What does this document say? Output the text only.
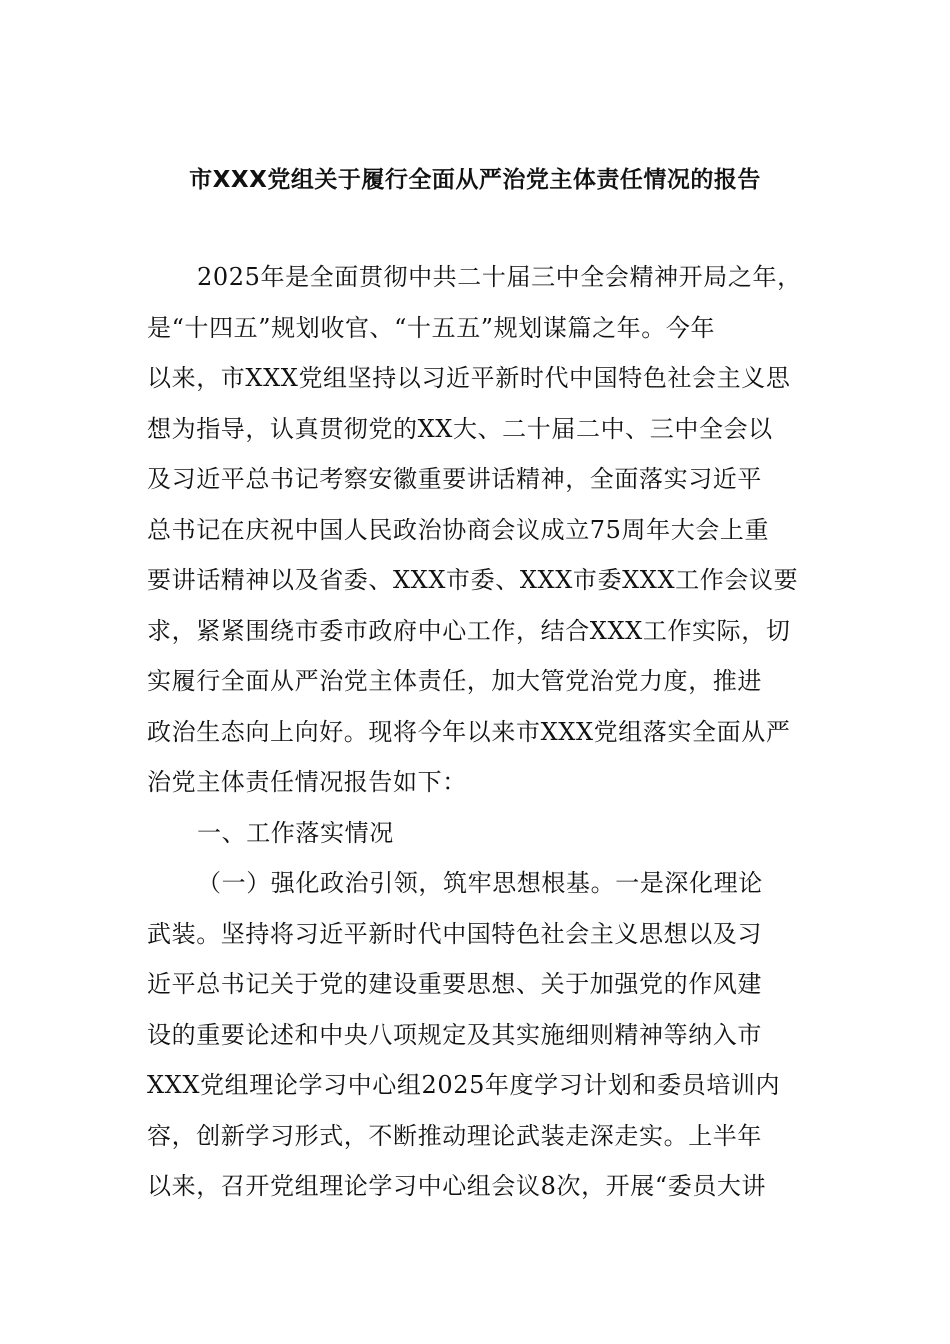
市XXX党组关于履行全面从严治党主体责任情况的报告
2025年是全面贯彻中共二十届三中全会精神开局之年，
是“十四五”规划收官、“十五五”规划谋篇之年。今年
以来，市XXX党组坚持以习近平新时代中国特色社会主义思
想为指导，认真贯彻党的XX大、二十届二中、三中全会以
及习近平总书记考察安徽重要讲话精神，全面落实习近平
总书记在庆祝中国人民政治协商会议成立75周年大会上重
要讲话精神以及省委、XXX市委、XXX市委XXX工作会议要
求，紧紧围绕市委市政府中心工作，结合XXX工作实际，切
实履行全面从严治党主体责任，加大管党治党力度，推进
政治生态向上向好。现将今年以来市XXX党组落实全面从严
治党主体责任情况报告如下：
一、工作落实情况
（一）强化政治引领，筑牢思想根基。一是深化理论
武装。坚持将习近平新时代中国特色社会主义思想以及习
近平总书记关于党的建设重要思想、关于加强党的作风建
设的重要论述和中央八项规定及其实施细则精神等纳入市
XXX党组理论学习中心组2025年度学习计划和委员培训内
容，创新学习形式，不断推动理论武装走深走实。上半年
以来，召开党组理论学习中心组会议8次，开展“委员大讲
